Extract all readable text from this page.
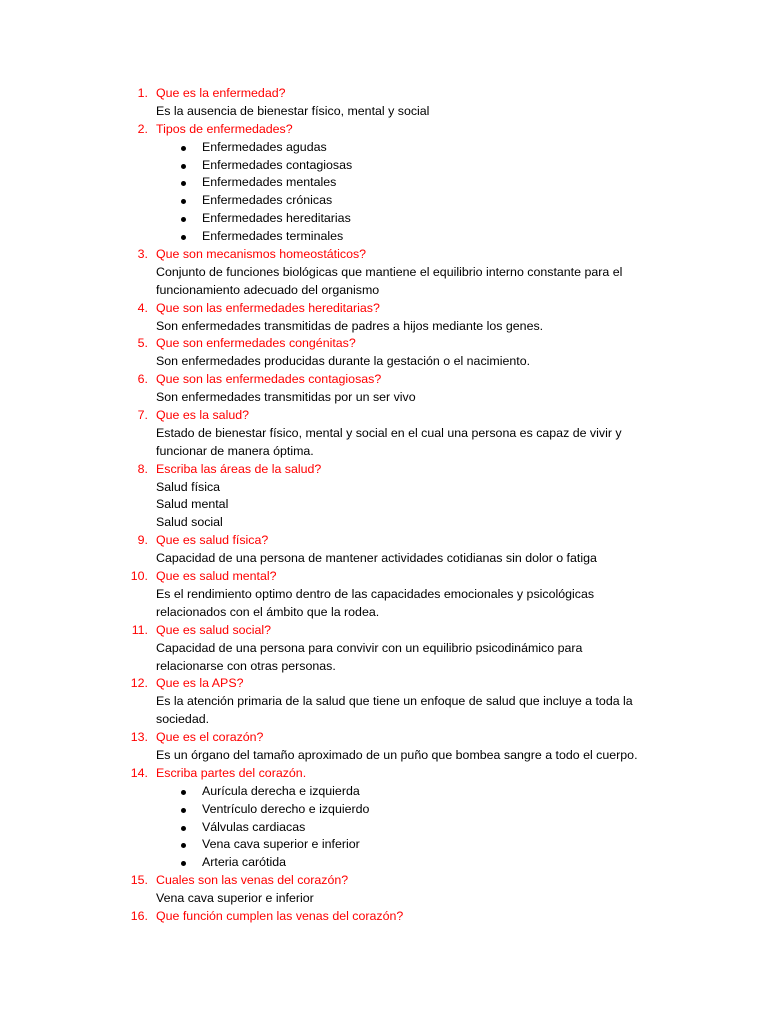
1. Que es la enfermedad?
Es la ausencia de bienestar físico, mental y social
2. Tipos de enfermedades?
Enfermedades agudas
Enfermedades contagiosas
Enfermedades mentales
Enfermedades crónicas
Enfermedades hereditarias
Enfermedades terminales
3. Que son mecanismos homeostáticos?
Conjunto de funciones biológicas que mantiene el equilibrio interno constante para el
funcionamiento adecuado del organismo
4. Que son las enfermedades hereditarias?
Son enfermedades transmitidas de padres a hijos mediante los genes.
5. Que son enfermedades congénitas?
Son enfermedades producidas durante la gestación o el nacimiento.
6. Que son las enfermedades contagiosas?
Son enfermedades transmitidas por un ser vivo
7. Que es la salud?
Estado de bienestar físico, mental y social en el cual una persona es capaz de vivir y
funcionar de manera óptima.
8. Escriba las áreas de la salud?
Salud física
Salud mental
Salud social
9. Que es salud física?
Capacidad de una persona de mantener actividades cotidianas sin dolor o fatiga
10. Que es salud mental?
Es el rendimiento optimo dentro de las capacidades emocionales y psicológicas
relacionados con el ámbito que la rodea.
11. Que es salud social?
Capacidad de una persona para convivir con un equilibrio psicodinámico para
relacionarse con otras personas.
12. Que es la APS?
Es la atención primaria de la salud que tiene un enfoque de salud que incluye a toda la
sociedad.
13. Que es el corazón?
Es un órgano del tamaño aproximado de un puño que bombea sangre a todo el cuerpo.
14. Escriba partes del corazón.
Aurícula derecha e izquierda
Ventrículo derecho e izquierdo
Válvulas cardiacas
Vena cava superior e inferior
Arteria carótida
15. Cuales son las venas del corazón?
Vena cava superior e inferior
16. Que función cumplen las venas del corazón?
